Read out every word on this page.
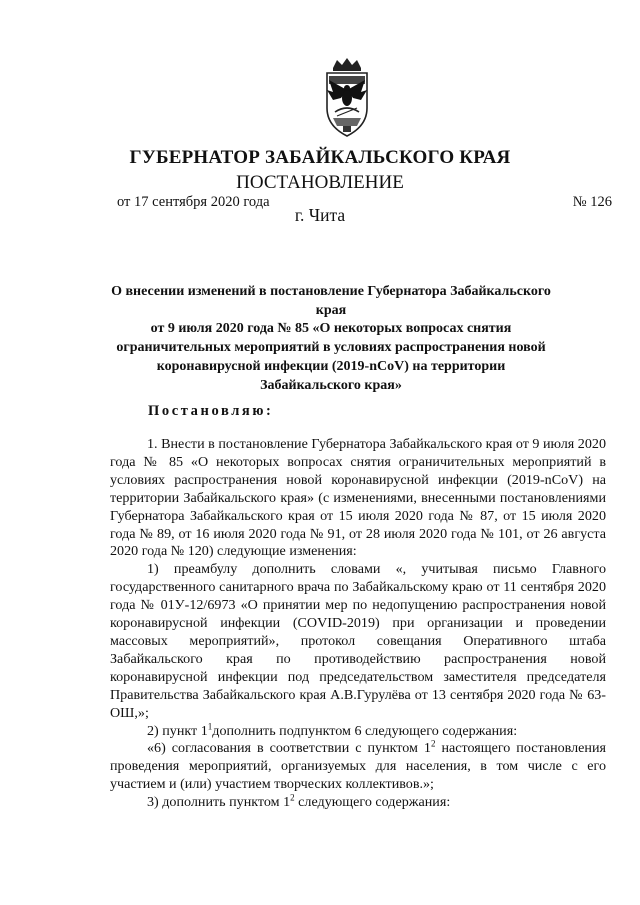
ГУБЕРНАТОР ЗАБАЙКАЛЬСКОГО КРАЯ
ПОСТАНОВЛЕНИЕ
от 17 сентября 2020 года	№ 126
г. Чита
О внесении изменений в постановление Губернатора Забайкальского края
от 9 июля 2020 года № 85 «О некоторых вопросах снятия
ограничительных мероприятий в условиях распространения новой
коронавирусной инфекции (2019-nCoV) на территории
Забайкальского края»
Постановляю:

1. Внести в постановление Губернатора Забайкальского края от 9 июля 2020 года № 85 «О некоторых вопросах снятия ограничительных мероприятий в условиях распространения новой коронавирусной инфекции (2019-nCoV) на территории Забайкальского края» (с изменениями, внесенными постановлениями Губернатора Забайкальского края от 15 июля 2020 года № 87, от 15 июля 2020 года № 89, от 16 июля 2020 года № 91, от 28 июля 2020 года № 101, от 26 августа 2020 года № 120) следующие изменения:

1) преамбулу дополнить словами «, учитывая письмо Главного государственного санитарного врача по Забайкальскому краю от 11 сентября 2020 года № 01У-12/6973 «О принятии мер по недопущению распространения новой коронавирусной инфекции (COVID-2019) при организации и проведении массовых мероприятий», протокол совещания Оперативного штаба Забайкальского края по противодействию распространения новой коронавирусной инфекции под председательством заместителя председателя Правительства Забайкальского края А.В.Гурулёва от 13 сентября 2020 года № 63-ОШ,»;

2) пункт $1^1дополнить$ подпунктом 6 следующего содержания:

«6) согласования в соответствии с пунктом $1^2$ настоящего постановления проведения мероприятий, организуемых для населения, в том числе с его участием и (или) участием творческих коллективов.»;

3) дополнить пунктом $1^2$ следующего содержания:
